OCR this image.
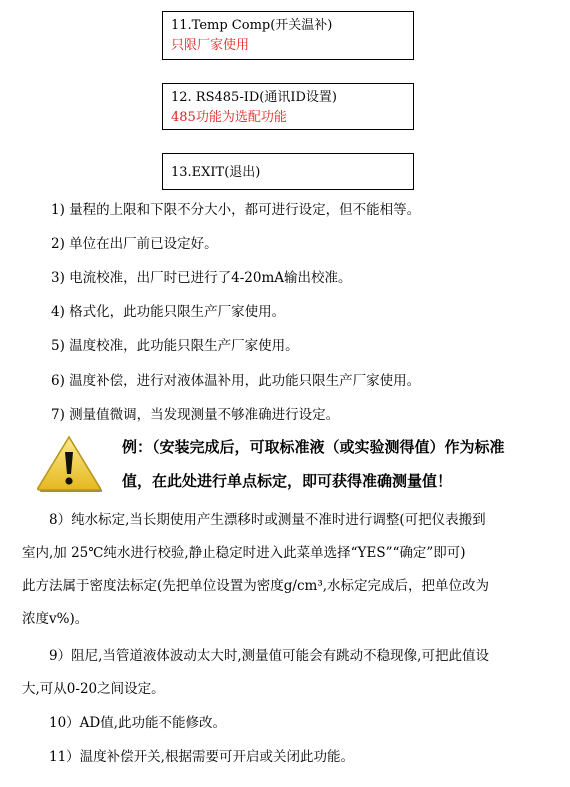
11.Temp Comp(开关温补)
只限厂家使用
12. RS485-ID(通讯ID设置)
485功能为选配功能
13.EXIT(退出)
1) 量程的上限和下限不分大小，都可进行设定，但不能相等。
2) 单位在出厂前已设定好。
3) 电流校准，出厂时已进行了4-20mA输出校准。
4) 格式化，此功能只限生产厂家使用。
5) 温度校准，此功能只限生产厂家使用。
6) 温度补偿，进行对液体温补用，此功能只限生产厂家使用。
7) 测量值微调，当发现测量不够准确进行设定。
例：（安装完成后，可取标准液（或实验测得值）作为标准
值，在此处进行单点标定，即可获得准确测量值！
　　8）纯水标定,当长期使用产生漂移时或测量不准时进行调整(可把仪表搬到
室内,加 25℃纯水进行校验,静止稳定时进入此菜单选择“YES”“确定”即可)
此方法属于密度法标定(先把单位设置为密度g/cm³,水标定完成后，把单位改为
浓度v%)。
　　9）阻尼,当管道液体波动太大时,测量值可能会有跳动不稳现像,可把此值设
大,可从0-20之间设定。
　　10）AD值,此功能不能修改。
　　11）温度补偿开关,根据需要可开启或关闭此功能。
